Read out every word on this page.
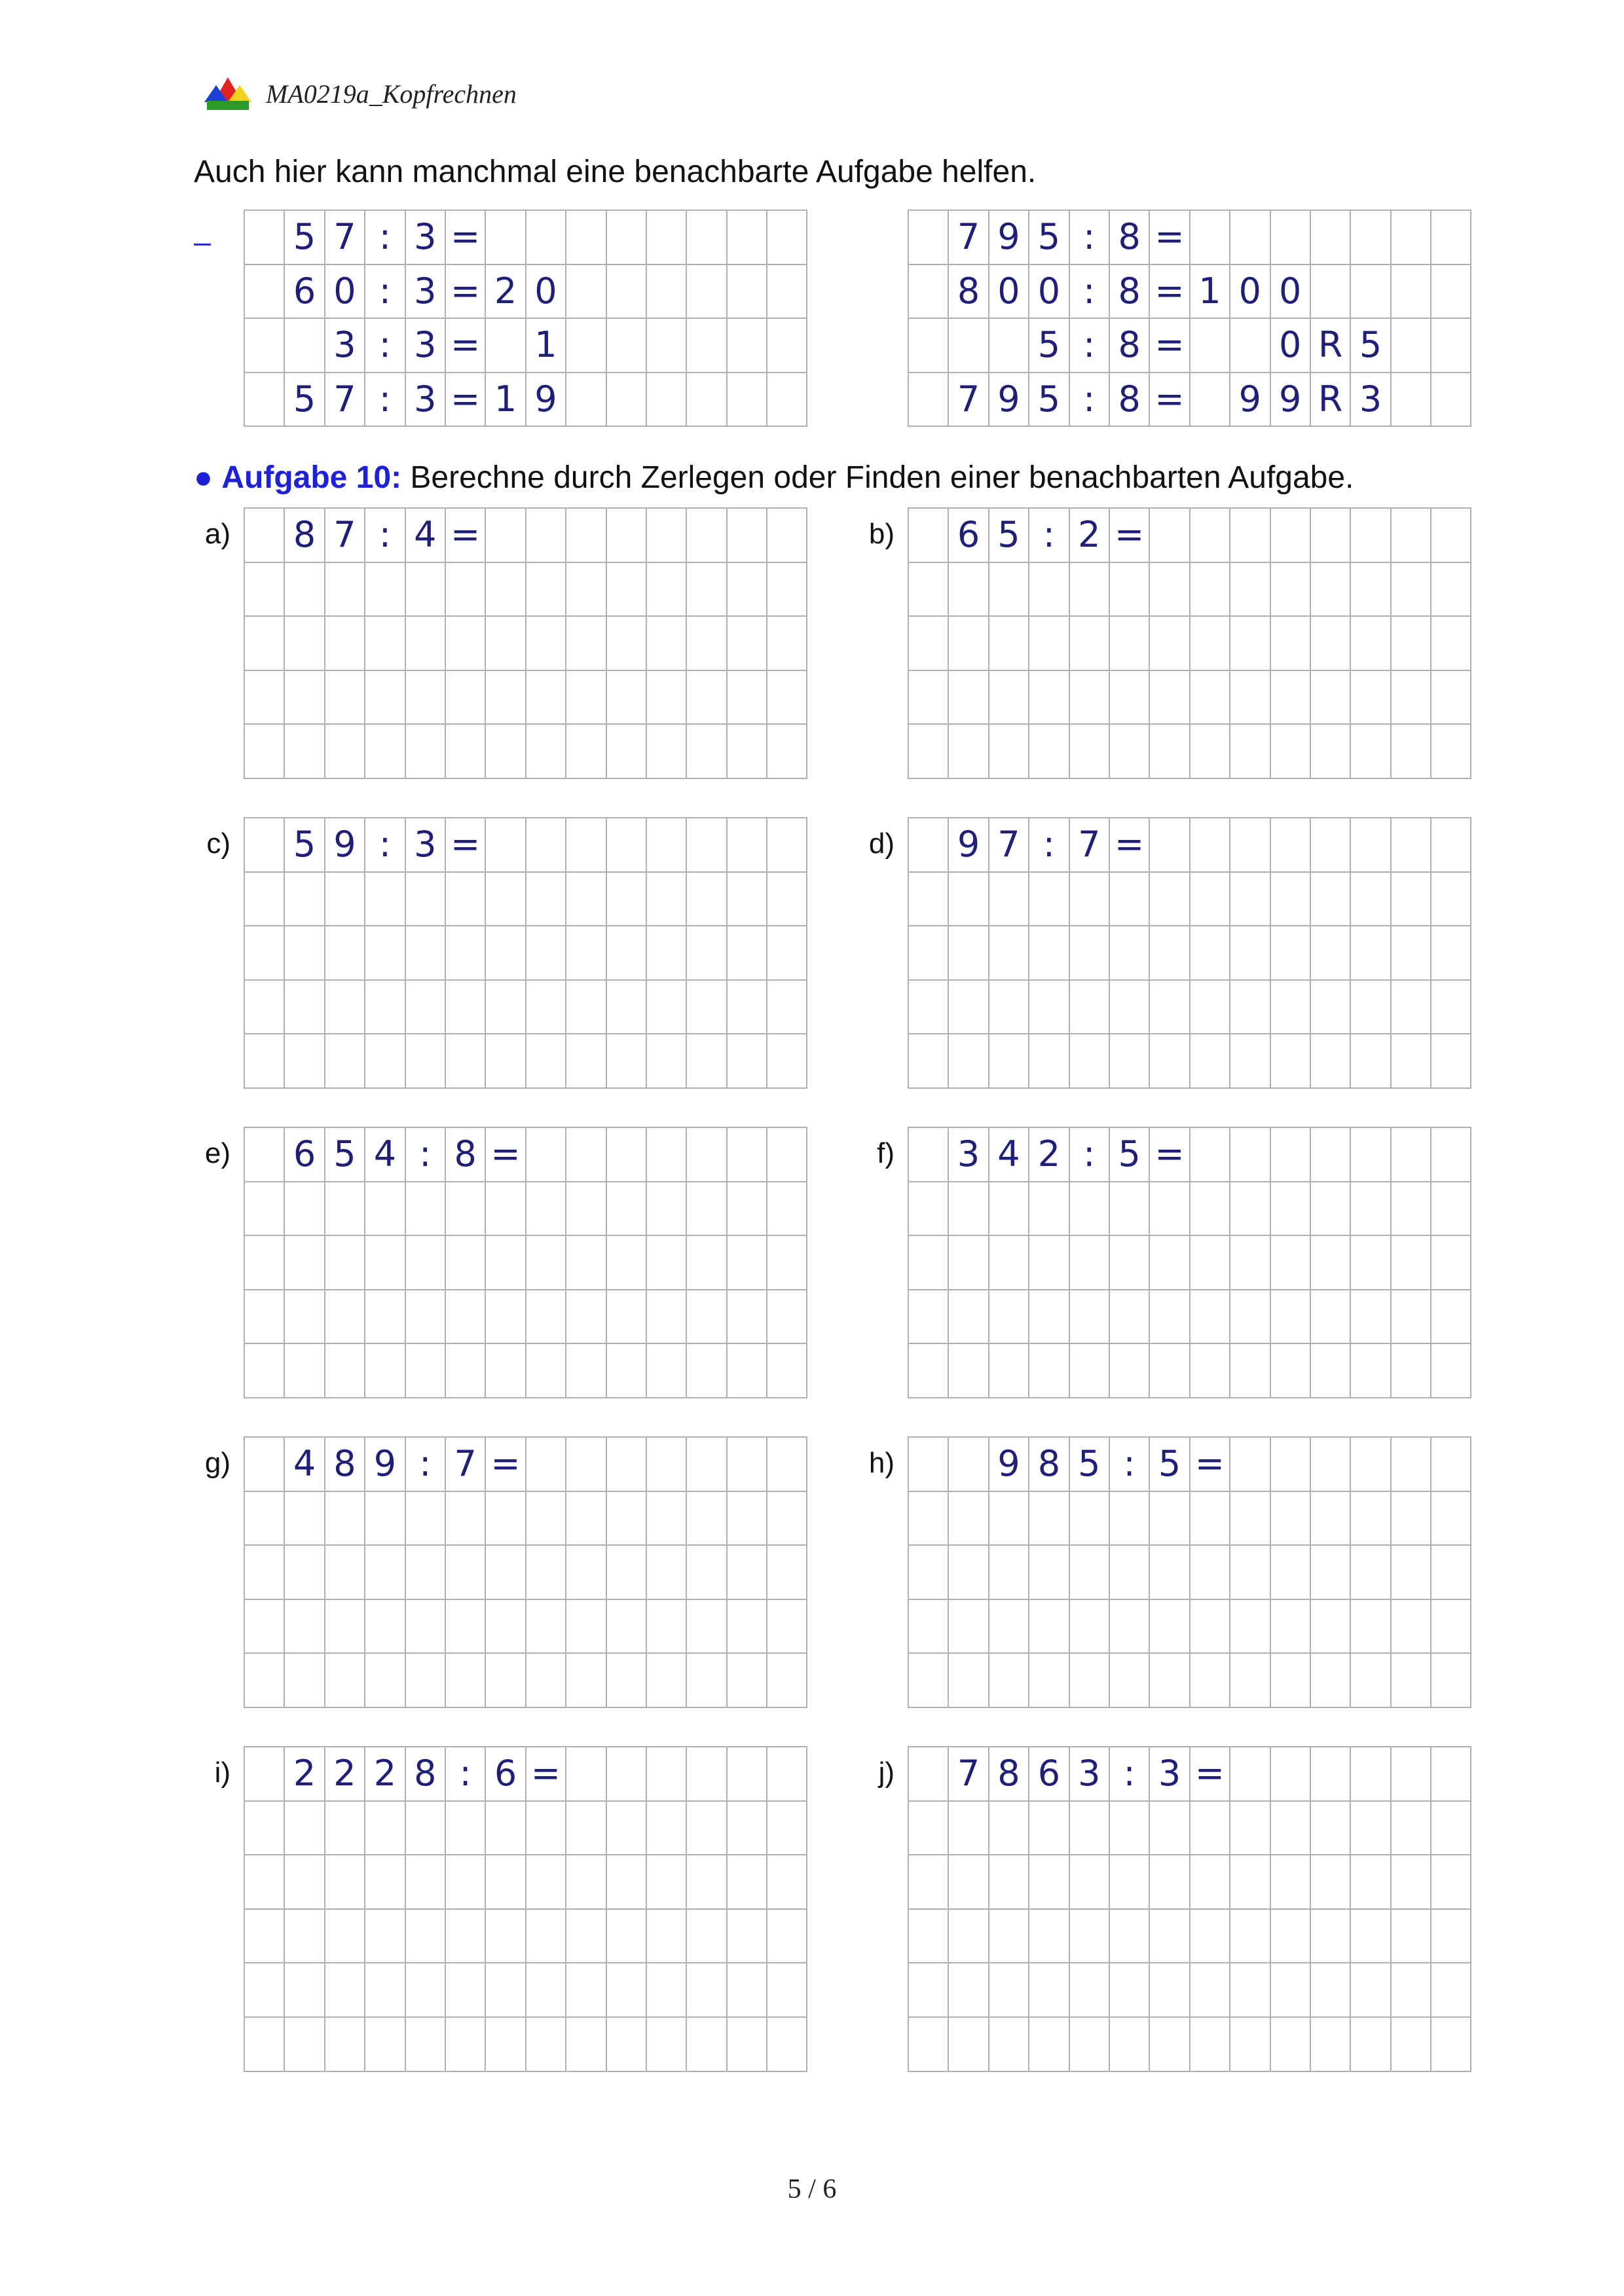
MA0219a_Kopfrechnen
Auch hier kann manchmal eine benachbarte Aufgabe helfen.
5 7 : 3 =
6 0 : 3 = 2 0
3 : 3 = 1
5 7 : 3 = 1 9
7 9 5 : 8 =
8 0 0 : 8 = 1 0 0
5 : 8 =	0 R 5
7 9 5 : 8 = 9 9 R 3
● Aufgabe 10: Berechne durch Zerlegen oder Finden einer benachbarten Aufgabe.
a) 8 7 : 4 =	b) 6 5 : 2 =
c) 5 9 : 3 =	d) 9 7 : 7 =
e) 6 5 4 : 8 =	f) 3 4 2 : 5 =
g) 4 8 9 : 7 =	h)	9 8 5 : 5 =
i) 2 2 2 8 : 6 =	j) 7 8 6 3 : 3 =
5 / 6
